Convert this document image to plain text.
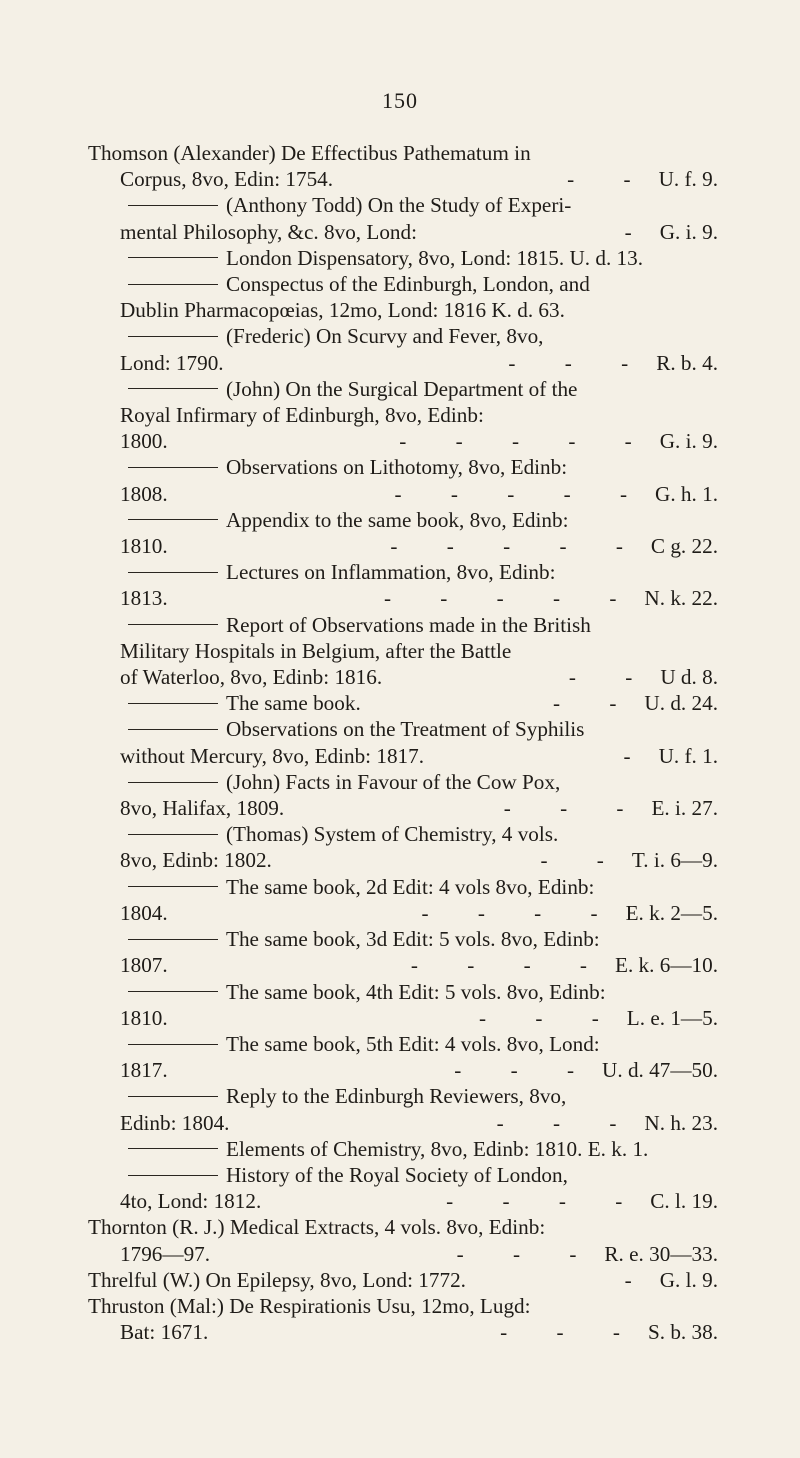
150
Thomson (Alexander) De Effectibus Pathematum in
Corpus, 8vo, Edin: 1754.	- - U. f. 9.
(Anthony Todd) On the Study of Experi-
mental Philosophy, &c. 8vo, Lond:	- G. i. 9.
London Dispensatory, 8vo, Lond: 1815. U. d. 13.
Conspectus of the Edinburgh, London, and
Dublin Pharmacopœias, 12mo, Lond: 1816 K. d. 63.
(Frederic) On Scurvy and Fever, 8vo,
Lond: 1790.	- - - R. b. 4.
(John) On the Surgical Department of the
Royal Infirmary of Edinburgh, 8vo, Edinb:
1800.	- - - - - G. i. 9.
Observations on Lithotomy, 8vo, Edinb:
1808.	- - - - - G. h. 1.
Appendix to the same book, 8vo, Edinb:
1810.	- - - - - C g. 22.
Lectures on Inflammation, 8vo, Edinb:
1813.	- - - - - N. k. 22.
Report of Observations made in the British
Military Hospitals in Belgium, after the Battle
of Waterloo, 8vo, Edinb: 1816.	- - U d. 8.
The same book.	- - U. d. 24.
Observations on the Treatment of Syphilis
without Mercury, 8vo, Edinb: 1817.	- U. f. 1.
(John) Facts in Favour of the Cow Pox,
8vo, Halifax, 1809.	- - - E. i. 27.
(Thomas) System of Chemistry, 4 vols.
8vo, Edinb: 1802.	- - T. i. 6—9.
The same book, 2d Edit: 4 vols 8vo, Edinb:
1804.	- - - - E. k. 2—5.
The same book, 3d Edit: 5 vols. 8vo, Edinb:
1807.	- - - - E. k. 6—10.
The same book, 4th Edit: 5 vols. 8vo, Edinb:
1810.	- - - L. e. 1—5.
The same book, 5th Edit: 4 vols. 8vo, Lond:
1817.	- - - U. d. 47—50.
Reply to the Edinburgh Reviewers, 8vo,
Edinb: 1804.	- - - N. h. 23.
Elements of Chemistry, 8vo, Edinb: 1810. E. k. 1.
History of the Royal Society of London,
4to, Lond: 1812.	- - - - C. l. 19.
Thornton (R. J.) Medical Extracts, 4 vols. 8vo, Edinb:
1796—97.	- - - R. e. 30—33.
Threlful (W.) On Epilepsy, 8vo, Lond: 1772.	- G. l. 9.
Thruston (Mal:) De Respirationis Usu, 12mo, Lugd:
Bat: 1671.	- - - S. b. 38.
